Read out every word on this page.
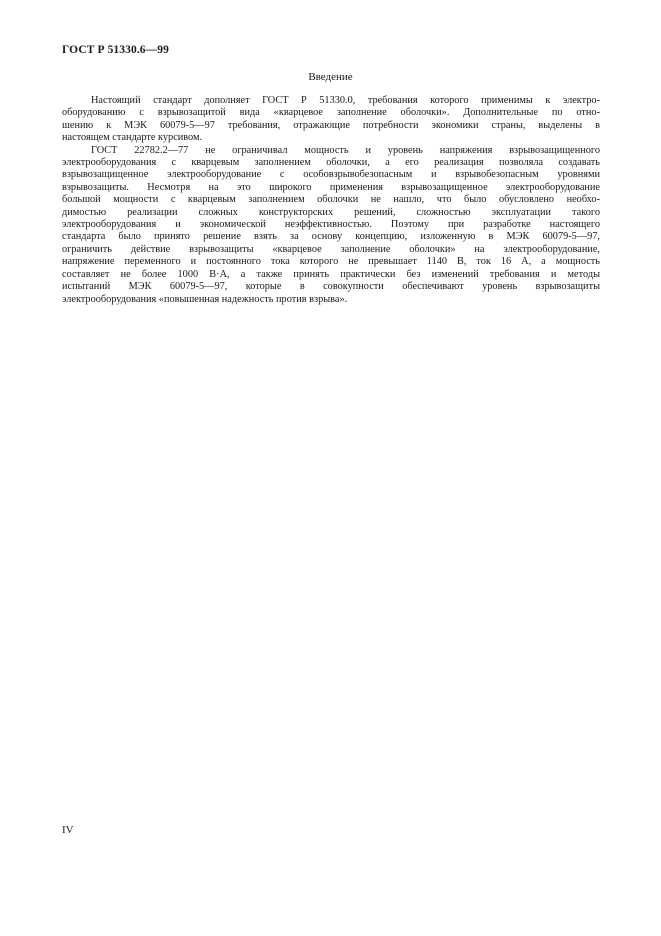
ГОСТ Р 51330.6—99
Введение
Настоящий стандарт дополняет ГОСТ Р 51330.0, требования которого применимы к электро-
оборудованию с взрывозащитой вида «кварцевое заполнение оболочки». Дополнительные по отно-
шению к МЭК 60079-5—97 требования, отражающие потребности экономики страны, выделены в
настоящем стандарте курсивом.
ГОСТ 22782.2—77 не ограничивал мощность и уровень напряжения взрывозащищенного
электрооборудования с кварцевым заполнением оболочки, а его реализация позволяла создавать
взрывозащищенное электрооборудование с особовзрывобезопасным и взрывобезопасным уровнями
взрывозащиты. Несмотря на это широкого применения взрывозащищенное электрооборудование
большой мощности с кварцевым заполнением оболочки не нашло, что было обусловлено необхо-
димостью реализации сложных конструкторских решений, сложностью эксплуатации такого
электрооборудования и экономической неэффективностью. Поэтому при разработке настоящего
стандарта было принято решение взять за основу концепцию, изложенную в МЭК 60079-5—97,
ограничить действие взрывозащиты «кварцевое заполнение оболочки» на электрооборудование,
напряжение переменного и постоянного тока которого не превышает 1140 В, ток 16 А, а мощность
составляет не более 1000 В·А, а также принять практически без изменений требования и методы
испытаний МЭК 60079-5—97, которые в совокупности обеспечивают уровень взрывозащиты
электрооборудования «повышенная надежность против взрыва».
IV
